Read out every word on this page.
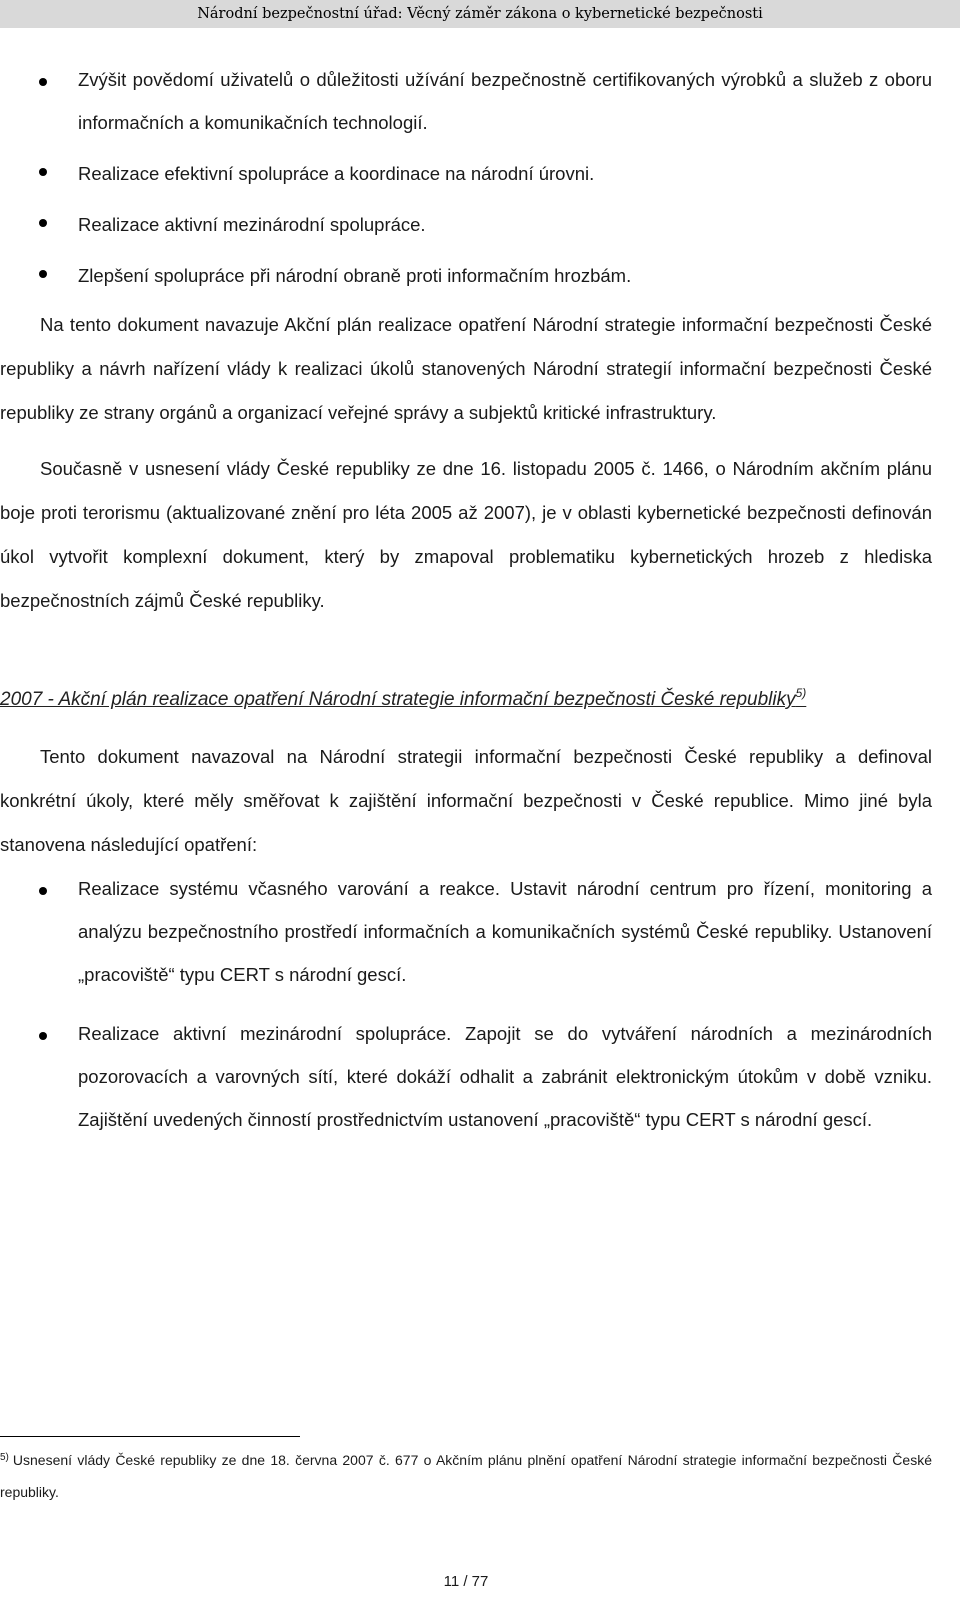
Národní bezpečnostní úřad: Věcný záměr zákona o kybernetické bezpečnosti
Zvýšit povědomí uživatelů o důležitosti užívání bezpečnostně certifikovaných výrobků a služeb z oboru informačních a komunikačních technologií.
Realizace efektivní spolupráce a koordinace na národní úrovni.
Realizace aktivní mezinárodní spolupráce.
Zlepšení spolupráce při národní obraně proti informačním hrozbám.

Na tento dokument navazuje Akční plán realizace opatření Národní strategie informační bezpečnosti České republiky a návrh nařízení vlády k realizaci úkolů stanovených Národní strategií informační bezpečnosti České republiky ze strany orgánů a organizací veřejné správy a subjektů kritické infrastruktury.

Současně v usnesení vlády České republiky ze dne 16. listopadu 2005 č. 1466, o Národním akčním plánu boje proti terorismu (aktualizované znění pro léta 2005 až 2007), je v oblasti kybernetické bezpečnosti definován úkol vytvořit komplexní dokument, který by zmapoval problematiku kybernetických hrozeb z hlediska bezpečnostních zájmů České republiky.

2007 - Akční plán realizace opatření Národní strategie informační bezpečnosti České republiky$^{5)}$

Tento dokument navazoval na Národní strategii informační bezpečnosti České republiky a definoval konkrétní úkoly, které měly směřovat k zajištění informační bezpečnosti v České republice. Mimo jiné byla stanovena následující opatření:

Realizace systému včasného varování a reakce. Ustavit národní centrum pro řízení, monitoring a analýzu bezpečnostního prostředí informačních a komunikačních systémů České republiky. Ustanovení „pracoviště“ typu CERT s národní gescí.
Realizace aktivní mezinárodní spolupráce. Zapojit se do vytváření národních a mezinárodních pozorovacích a varovných sítí, které dokáží odhalit a zabránit elektronickým útokům v době vzniku. Zajištění uvedených činností prostřednictvím ustanovení „pracoviště“ typu CERT s národní gescí.
$^{5)}$ Usnesení vlády České republiky ze dne 18. června 2007 č. 677 o Akčním plánu plnění opatření Národní strategie informační bezpečnosti České republiky.
11 / 77
